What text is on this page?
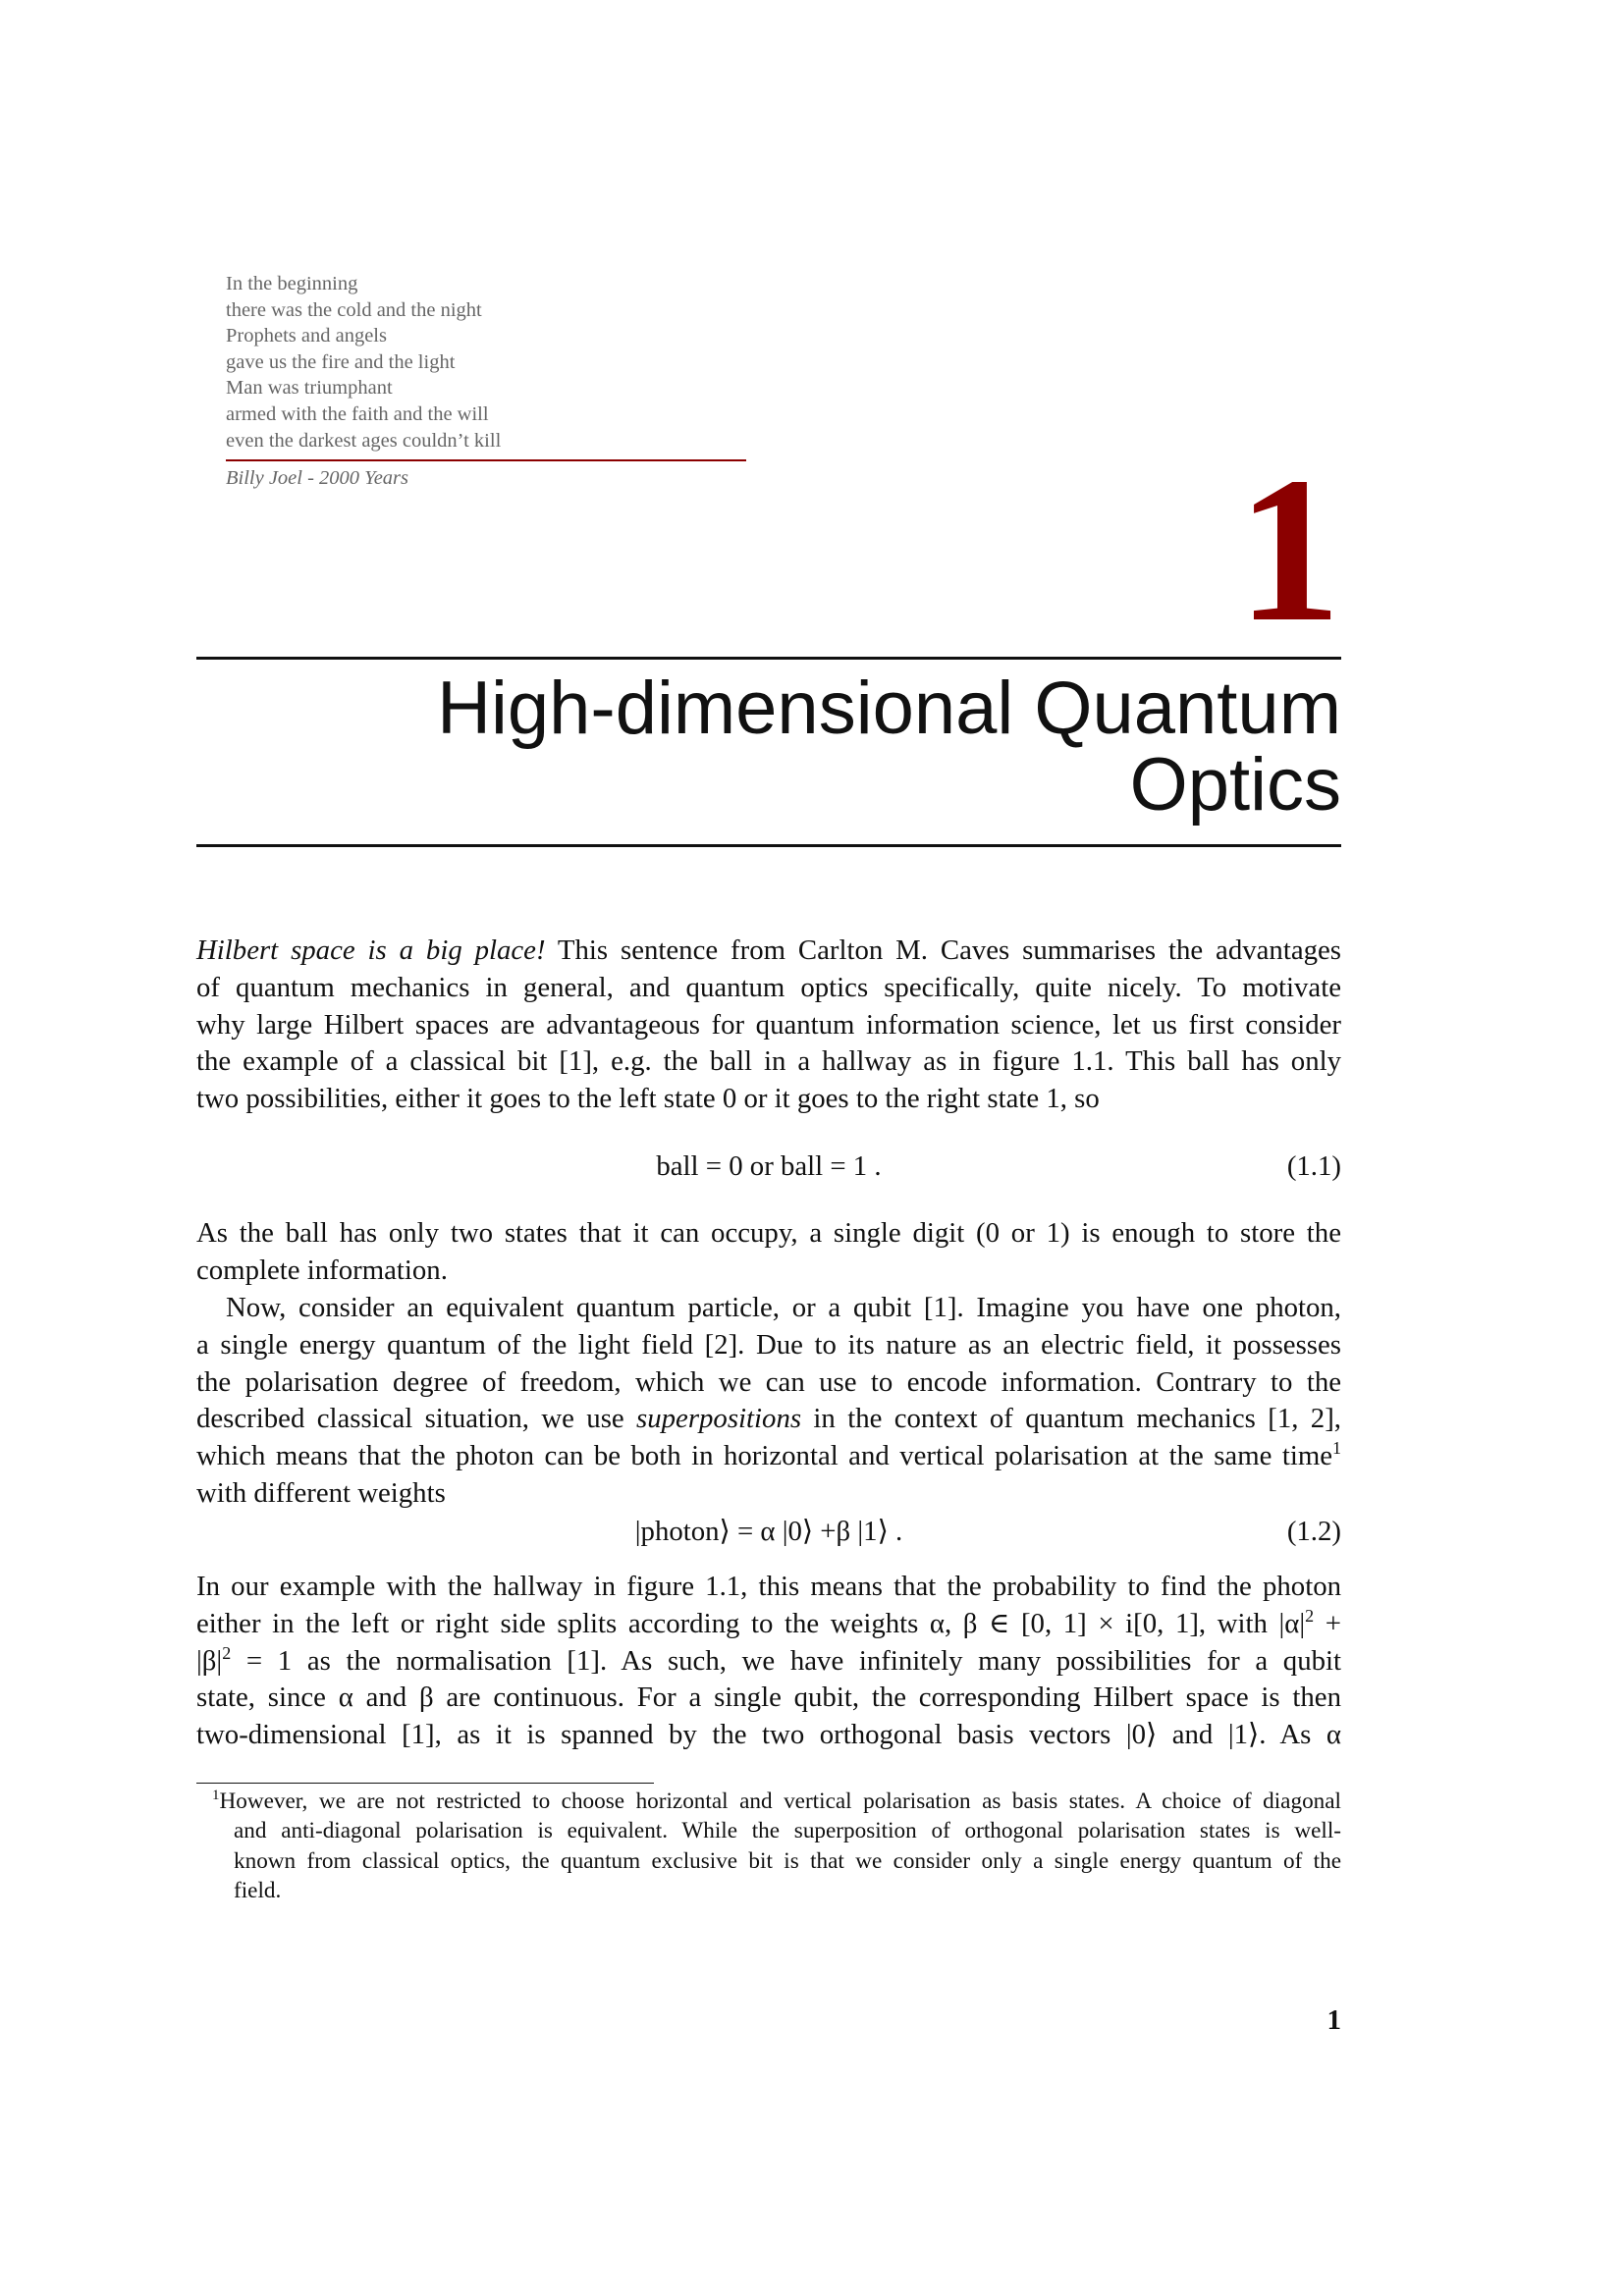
In the beginning
there was the cold and the night
Prophets and angels
gave us the fire and the light
Man was triumphant
armed with the faith and the will
even the darkest ages couldn’t kill
Billy Joel - 2000 Years	1
High-dimensional Quantum
Optics
Hilbert space is a big place! This sentence from Carlton M. Caves summarises the advantages
of quantum mechanics in general, and quantum optics specifically, quite nicely. To motivate
why large Hilbert spaces are advantageous for quantum information science, let us first consider
the example of a classical bit [1], e.g. the ball in a hallway as in figure 1.1. This ball has only
two possibilities, either it goes to the left state 0 or it goes to the right state 1, so
ball = 0 or ball = 1 .	(1.1)
As the ball has only two states that it can occupy, a single digit (0 or 1) is enough to store the
complete information.
Now, consider an equivalent quantum particle, or a qubit [1]. Imagine you have one photon,
a single energy quantum of the light field [2]. Due to its nature as an electric field, it possesses
the polarisation degree of freedom, which we can use to encode information. Contrary to the
described classical situation, we use superpositions in the context of quantum mechanics [1, 2],
which means that the photon can be both in horizontal and vertical polarisation at the same time$^1$
with different weights
|photon⟩ = α |0⟩ +β |1⟩ .	(1.2)
In our example with the hallway in figure 1.1, this means that the probability to find the photon
either in the left or right side splits according to the weights α, β ∈ [0, 1] × i[0, 1], with $|\alpha|^2$ +
$|\beta|^2 = 1$ as the normalisation [1]. As such, we have infinitely many possibilities for a qubit
state, since α and β are continuous. For a single qubit, the corresponding Hilbert space is then
two-dimensional [1], as it is spanned by the two orthogonal basis vectors |0⟩ and |1⟩. As α
$^1$However, we are not restricted to choose horizontal and vertical polarisation as basis states. A choice of diagonal
and anti-diagonal polarisation is equivalent. While the superposition of orthogonal polarisation states is well-
known from classical optics, the quantum exclusive bit is that we consider only a single energy quantum of the
field.
1
